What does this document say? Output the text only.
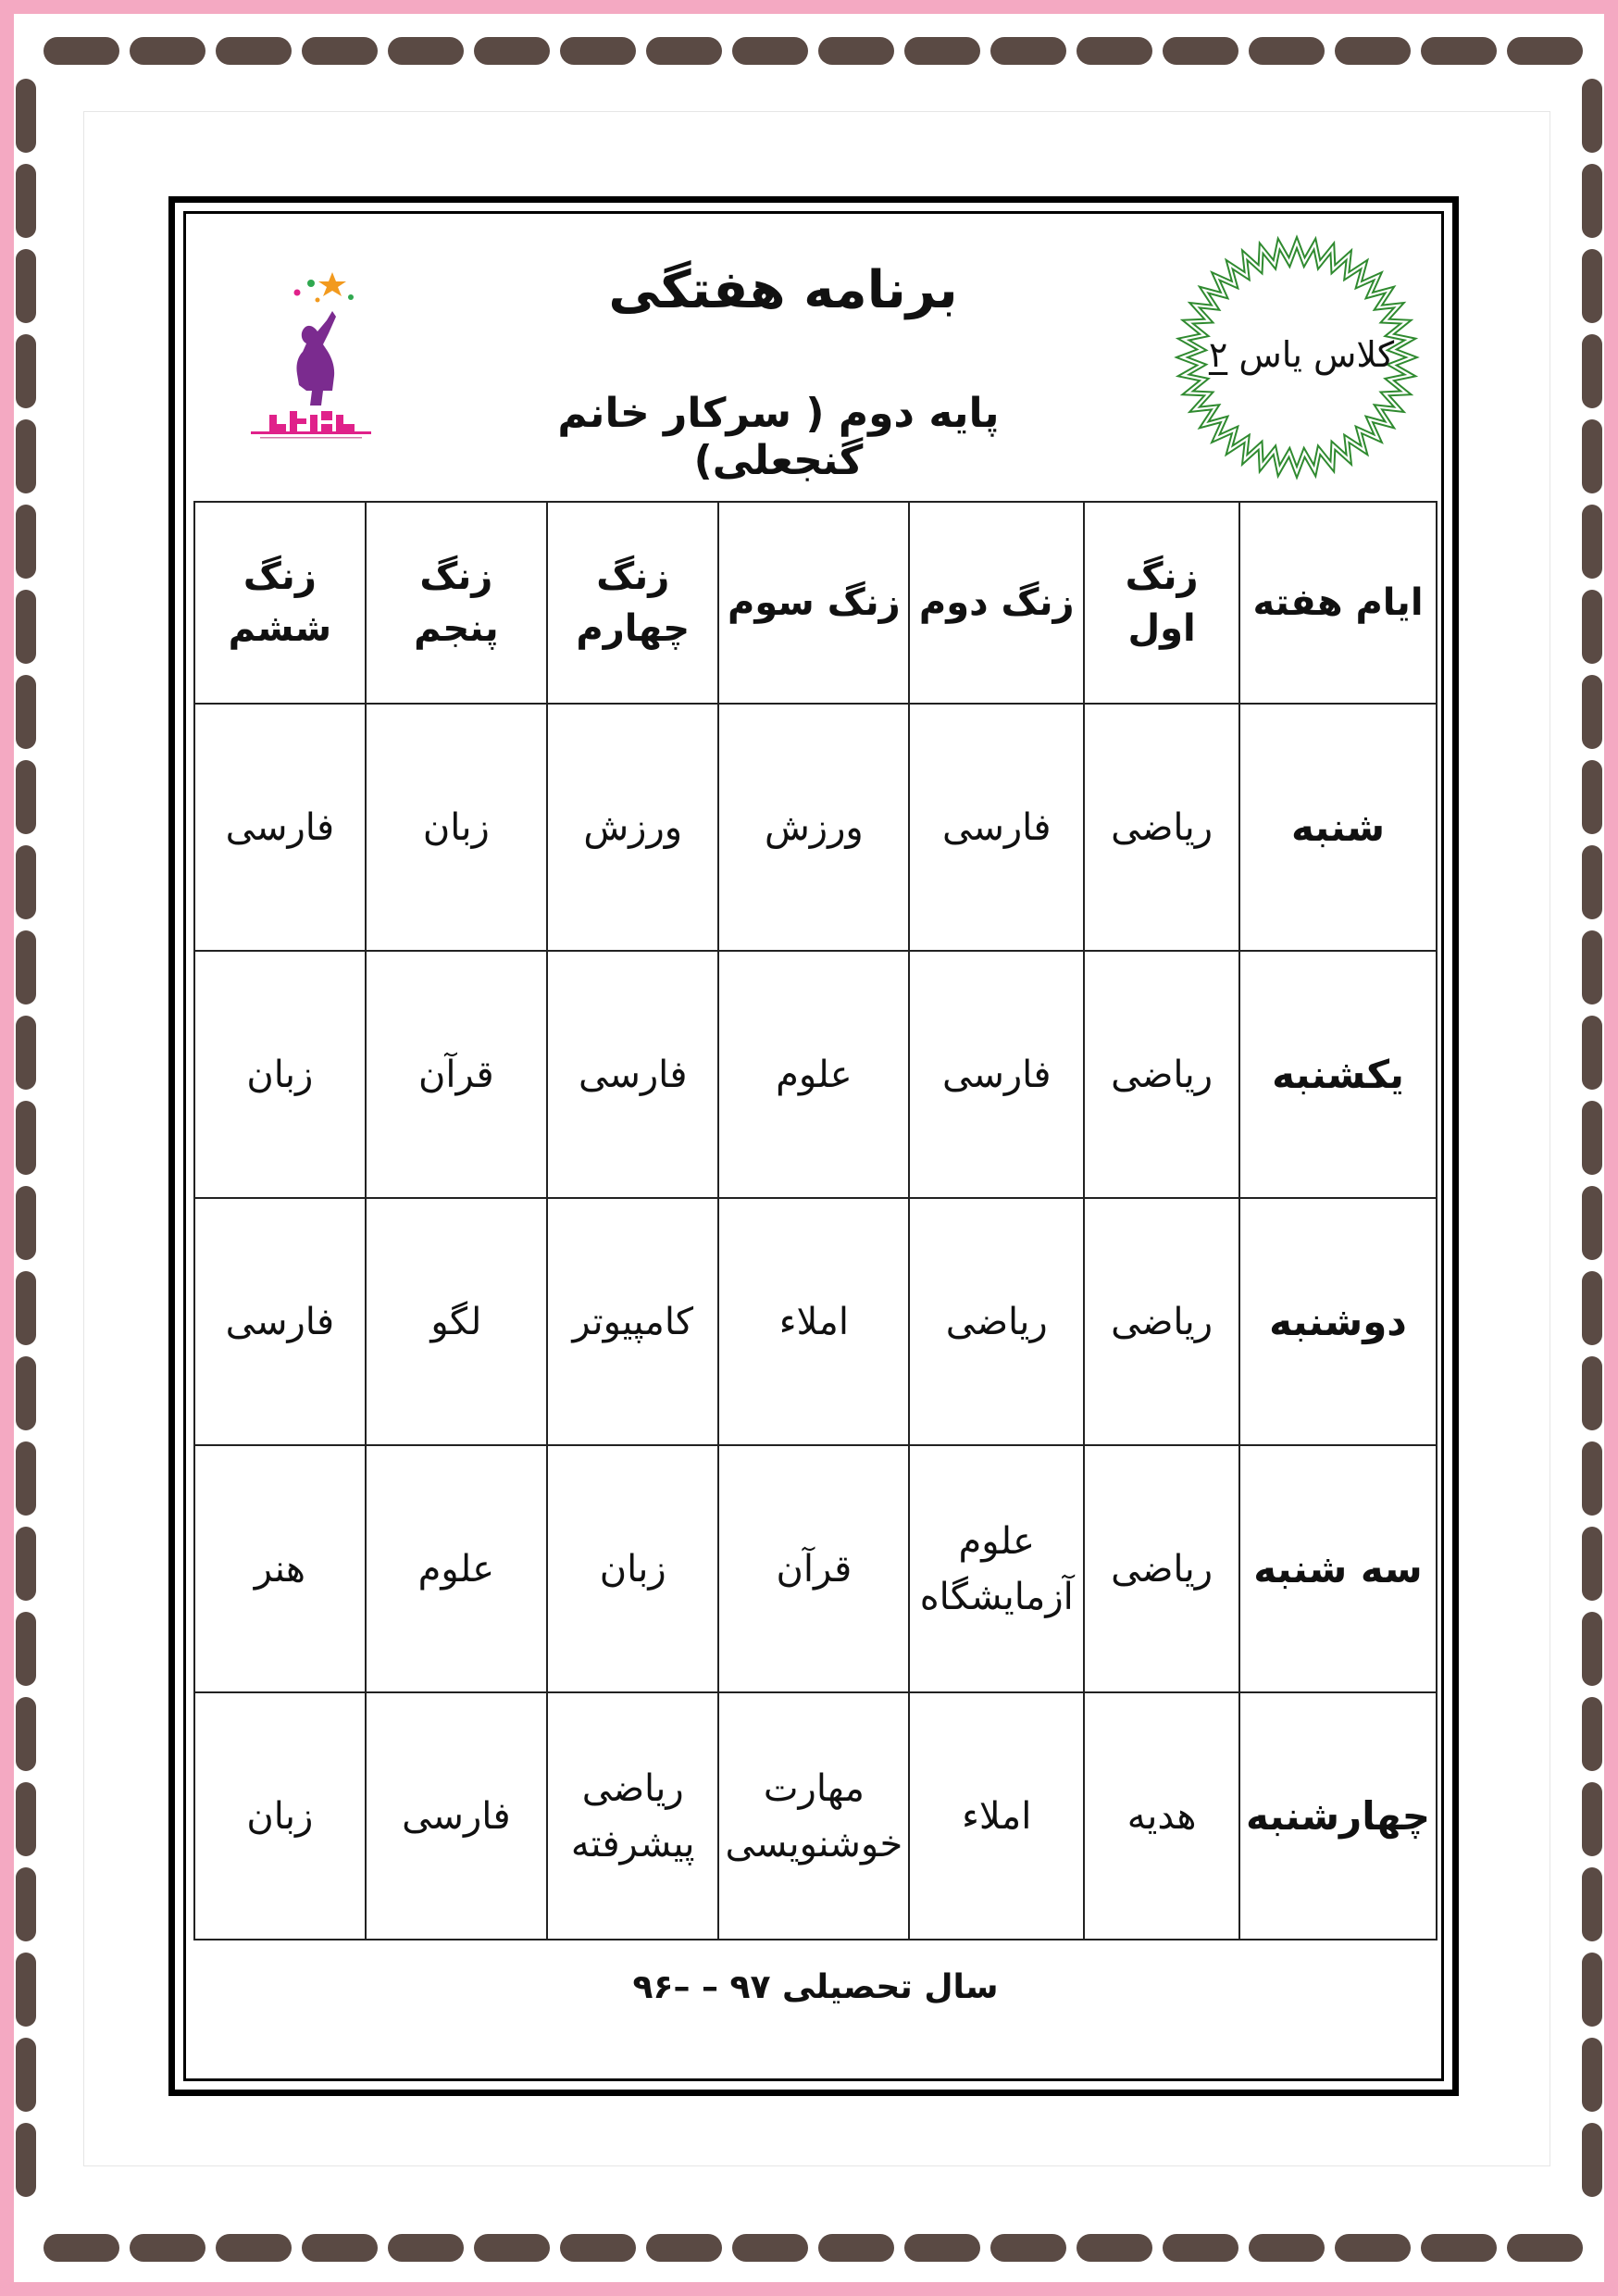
برنامه هفتگی
پایه دوم ( سرکار خانم گنجعلی)
کلاس یاس ۲
ایام هفته	زنگ اول	زنگ دوم	زنگ سوم	زنگ چهارم	زنگ پنجم	زنگ ششم
شنبه	ریاضی	فارسی	ورزش	ورزش	زبان	فارسی
یکشنبه	ریاضی	فارسی	علوم	فارسی	قرآن	زبان
دوشنبه	ریاضی	ریاضی	املاء	کامپیوتر	لگو	فارسی
سه شنبه	ریاضی	علوم آزمایشگاه	قرآن	زبان	علوم	هنر
چهارشنبه	هدیه	املاء	مهارت خوشنویسی	ریاضی پیشرفته	فارسی	زبان
سال تحصیلی ۹۷ – –۹۶
